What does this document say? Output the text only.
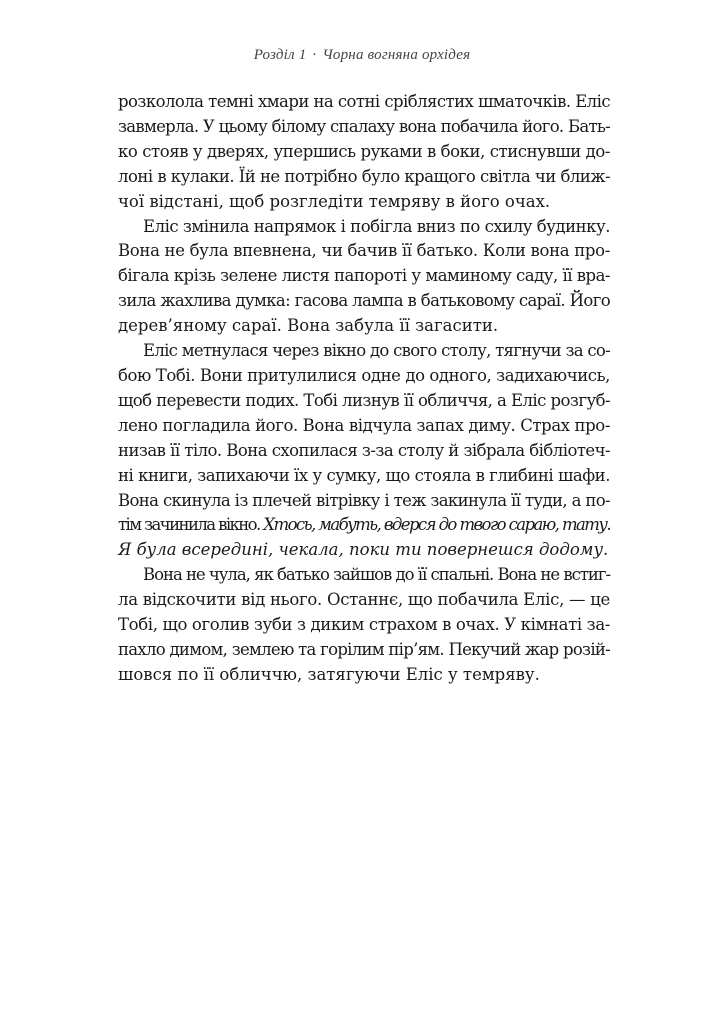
Розділ 1 · Чорна вогняна орхідея
розколола темні хмари на сотні сріблястих шматочків. Еліс
завмерла. У цьому білому спалаху вона побачила його. Бать-
ко стояв у дверях, упершись руками в боки, стиснувши до-
лоні в кулаки. Їй не потрібно було кращого світла чи ближ-
чої відстані, щоб розгледіти темряву в його очах.
Еліс змінила напрямок і побігла вниз по схилу будинку.
Вона не була впевнена, чи бачив її батько. Коли вона про-
бігала крізь зелене листя папороті у маминому саду, її вра-
зила жахлива думка: гасова лампа в батьковому сараї. Його
дерев’яному сараї. Вона забула її загасити.
Еліс метнулася через вікно до свого столу, тягнучи за со-
бою Тобі. Вони притулилися одне до одного, задихаючись,
щоб перевести подих. Тобі лизнув її обличчя, а Еліс розгуб-
лено погладила його. Вона відчула запах диму. Страх про-
низав її тіло. Вона схопилася з-за столу й зібрала бібліотеч-
ні книги, запихаючи їх у сумку, що стояла в глибині шафи.
Вона скинула із плечей вітрівку і теж закинула її туди, а по-
тім зачинила вікно. Хтось, мабуть, вдерся до твого сараю, тату.
Я була всередині, чекала, поки ти повернешся додому.
Вона не чула, як батько зайшов до її спальні. Вона не встиг-
ла відскочити від нього. Останнє, що побачила Еліс, — це
Тобі, що оголив зуби з диким страхом в очах. У кімнаті за-
пахло димом, землею та горілим пір’ям. Пекучий жар розій-
шовся по її обличчю, затягуючи Еліс у темряву.
